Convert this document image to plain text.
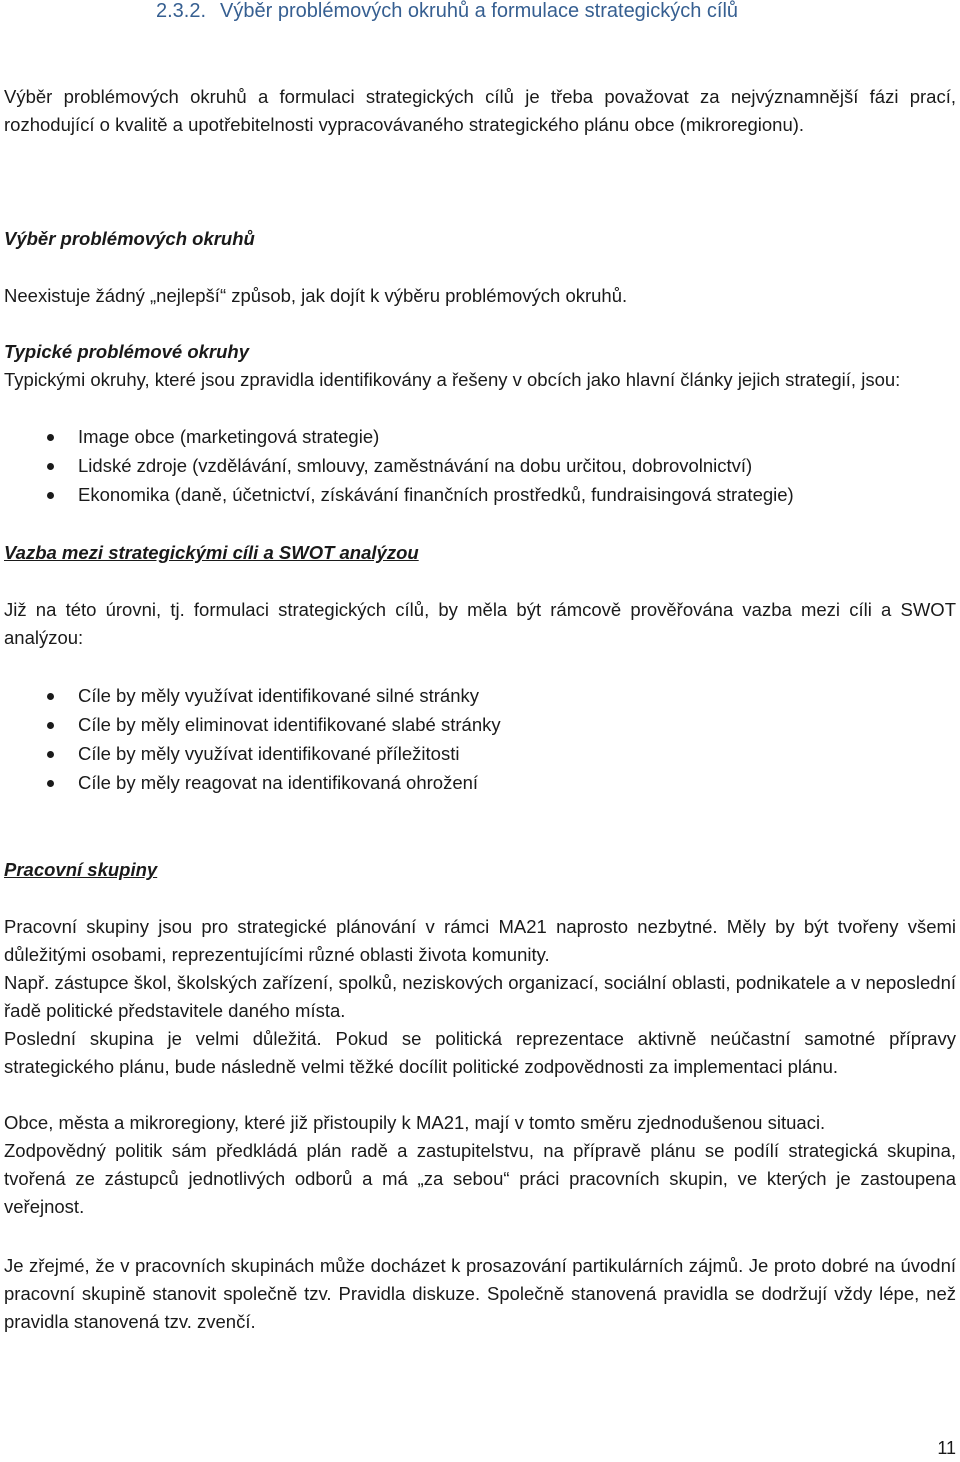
2.3.2. Výběr problémových okruhů a formulace strategických cílů
Výběr problémových okruhů a formulaci strategických cílů je třeba považovat za nejvýznamnější fázi prací, rozhodující o kvalitě a upotřebitelnosti vypracovávaného strategického plánu obce (mikroregionu).
Výběr problémových okruhů
Neexistuje žádný „nejlepší“ způsob, jak dojít k výběru problémových okruhů.
Typické problémové okruhy
Typickými okruhy, které jsou zpravidla identifikovány a řešeny v obcích jako hlavní články jejich strategií, jsou:
Image obce (marketingová strategie)
Lidské zdroje (vzdělávání, smlouvy, zaměstnávání na dobu určitou, dobrovolnictví)
Ekonomika (daně, účetnictví, získávání finančních prostředků, fundraisingová strategie)
Vazba mezi strategickými cíli a SWOT analýzou
Již na této úrovni, tj. formulaci strategických cílů, by měla být rámcově prověřována vazba mezi cíli a SWOT analýzou:
Cíle by měly využívat identifikované silné stránky
Cíle by měly eliminovat identifikované slabé stránky
Cíle by měly využívat identifikované příležitosti
Cíle by měly reagovat na identifikovaná ohrožení
Pracovní skupiny
Pracovní skupiny jsou pro strategické plánování v rámci MA21 naprosto nezbytné. Měly by být tvořeny všemi důležitými osobami, reprezentujícími různé oblasti života komunity.
Např. zástupce škol, školských zařízení, spolků, neziskových organizací, sociální oblasti, podnikatele a v neposlední řadě politické představitele daného místa.
Poslední skupina je velmi důležitá. Pokud se politická reprezentace aktivně neúčastní samotné přípravy strategického plánu, bude následně velmi těžké docílit politické zodpovědnosti za implementaci plánu.
Obce, města a mikroregiony, které již přistoupily k MA21, mají v tomto směru zjednodušenou situaci.
Zodpovědný politik sám předkládá plán radě a zastupitelstvu, na přípravě plánu se podílí strategická skupina, tvořená ze zástupců jednotlivých odborů a má „za sebou“ práci pracovních skupin, ve kterých je zastoupena veřejnost.
Je zřejmé, že v pracovních skupinách může docházet k prosazování partikulárních zájmů. Je proto dobré na úvodní pracovní skupině stanovit společně tzv. Pravidla diskuze. Společně stanovená pravidla se dodržují vždy lépe, než pravidla stanovená tzv. zvenčí.
11
